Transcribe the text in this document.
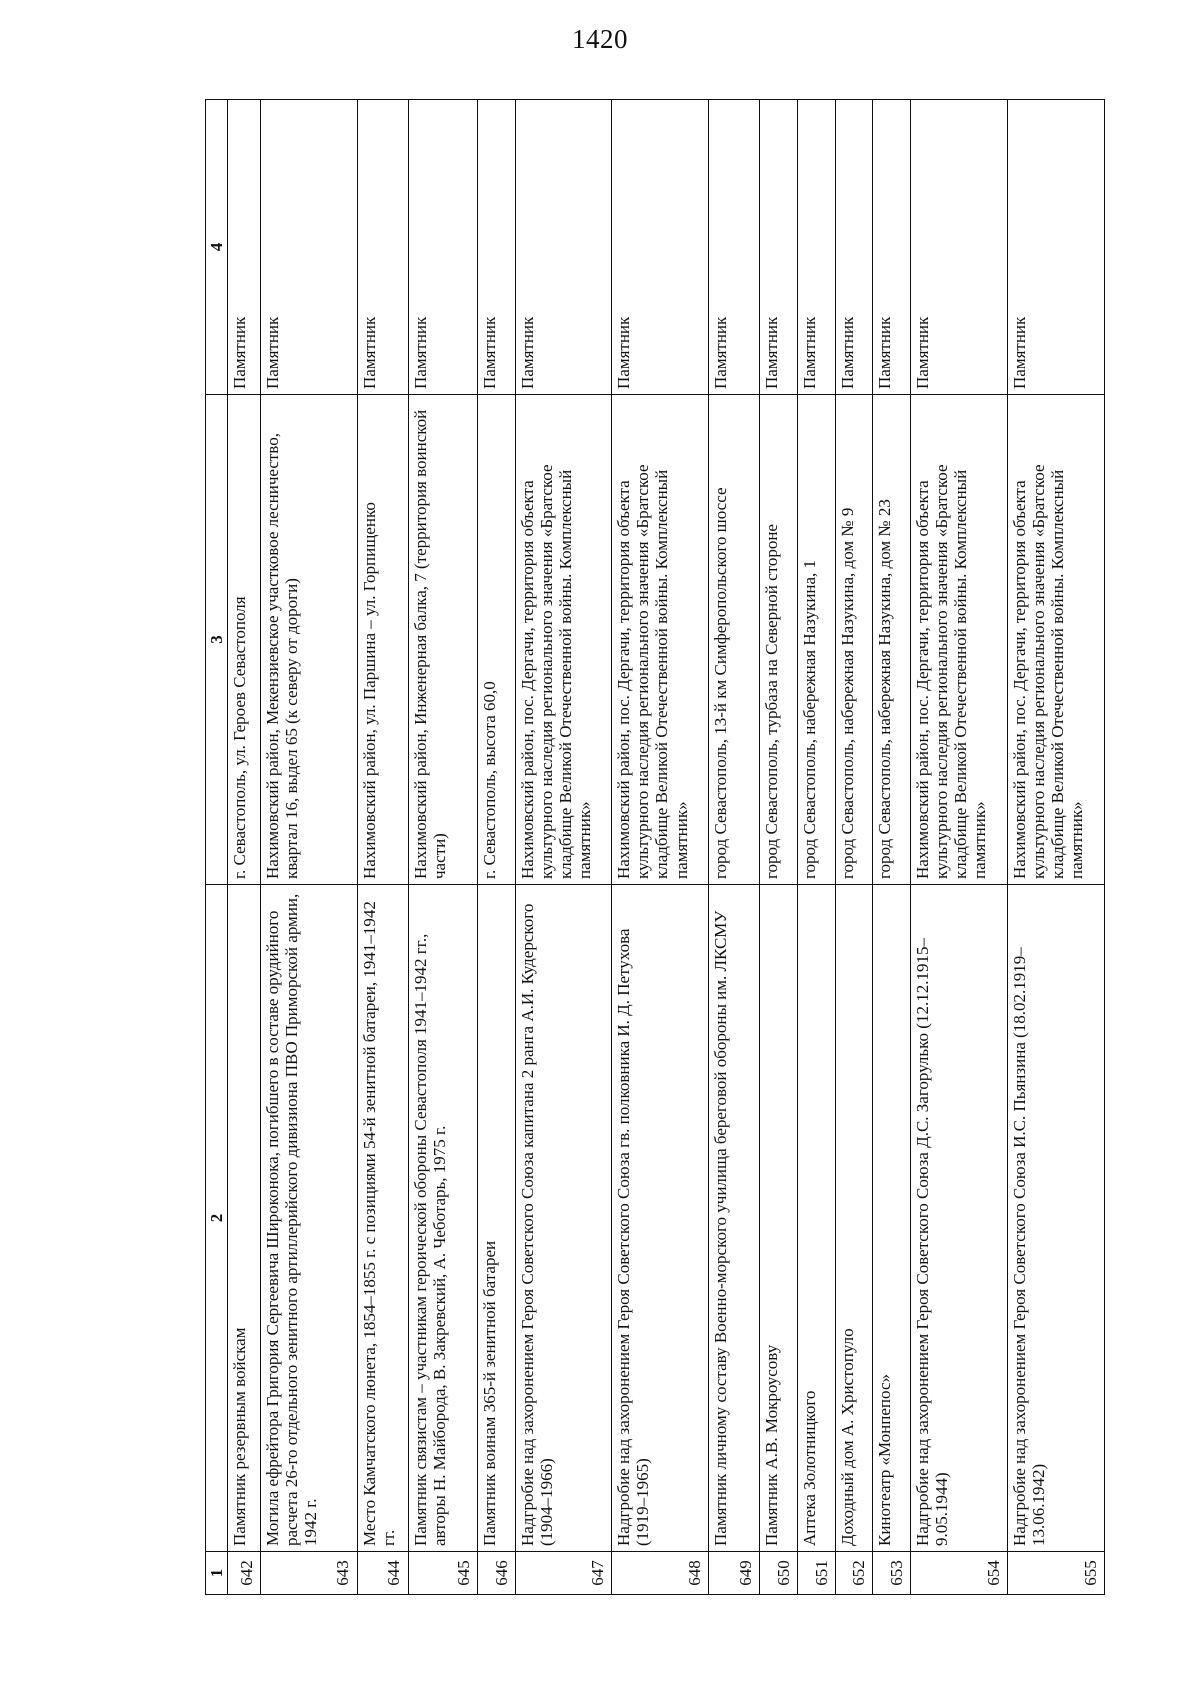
1420
1	2	3	4
642	Памятник резервным войскам	г. Севастополь, ул. Героев Севастополя	Памятник
643	Могила ефрейтора Григория Сергеевича Широконока, погибшего в составе орудийного расчета 26-го отдельного зенитного артиллерийского дивизиона ПВО Приморской армии, 1942 г.	Нахимовский район, Мекензиевское участковое лесничество, квартал 16, выдел 65 (к северу от дороги)	Памятник
644	Место Камчатского люнета, 1854–1855 г. с позициями 54-й зенитной батареи, 1941–1942 гг.	Нахимовский район, ул. Паршина – ул. Горпищенко	Памятник
645	Памятник связистам – участникам героической обороны Севастополя 1941–1942 гг., авторы Н. Майборода, В. Закревский, А. Чеботарь, 1975 г.	Нахимовский район, Инженерная балка, 7 (территория воинской части)	Памятник
646	Памятник воинам 365-й зенитной батареи	г. Севастополь, высота 60,0	Памятник
647	Надгробие над захоронением Героя Советского Союза капитана 2 ранга А.И. Кудерского (1904–1966)	Нахимовский район, пос. Дергачи, территория объекта культурного наследия регионального значения «Братское кладбище Великой Отечественной войны. Комплексный памятник»	Памятник
648	Надгробие над захоронением Героя Советского Союза гв. полковника И. Д. Петухова (1919–1965)	Нахимовский район, пос. Дергачи, территория объекта культурного наследия регионального значения «Братское кладбище Великой Отечественной войны. Комплексный памятник»	Памятник
649	Памятник личному составу Военно-морского училища береговой обороны им. ЛКСМУ	город Севастополь, 13-й км Симферопольского шоссе	Памятник
650	Памятник А.В. Мокроусову	город Севастополь, турбаза на Северной стороне	Памятник
651	Аптека Золотницкого	город Севастополь, набережная Назукина, 1	Памятник
652	Доходный дом А. Христопуло	город Севастополь, набережная Назукина, дом № 9	Памятник
653	Кинотеатр «Монпепос»	город Севастополь, набережная Назукина, дом № 23	Памятник
654	Надгробие над захоронением Героя Советского Союза Д.С. Загорулько (12.12.1915–9.05.1944)	Нахимовский район, пос. Дергачи, территория объекта культурного наследия регионального значения «Братское кладбище Великой Отечественной войны. Комплексный памятник»	Памятник
655	Надгробие над захоронением Героя Советского Союза И.С. Пьянзина (18.02.1919–13.06.1942)	Нахимовский район, пос. Дергачи, территория объекта культурного наследия регионального значения «Братское кладбище Великой Отечественной войны. Комплексный памятник»	Памятник
